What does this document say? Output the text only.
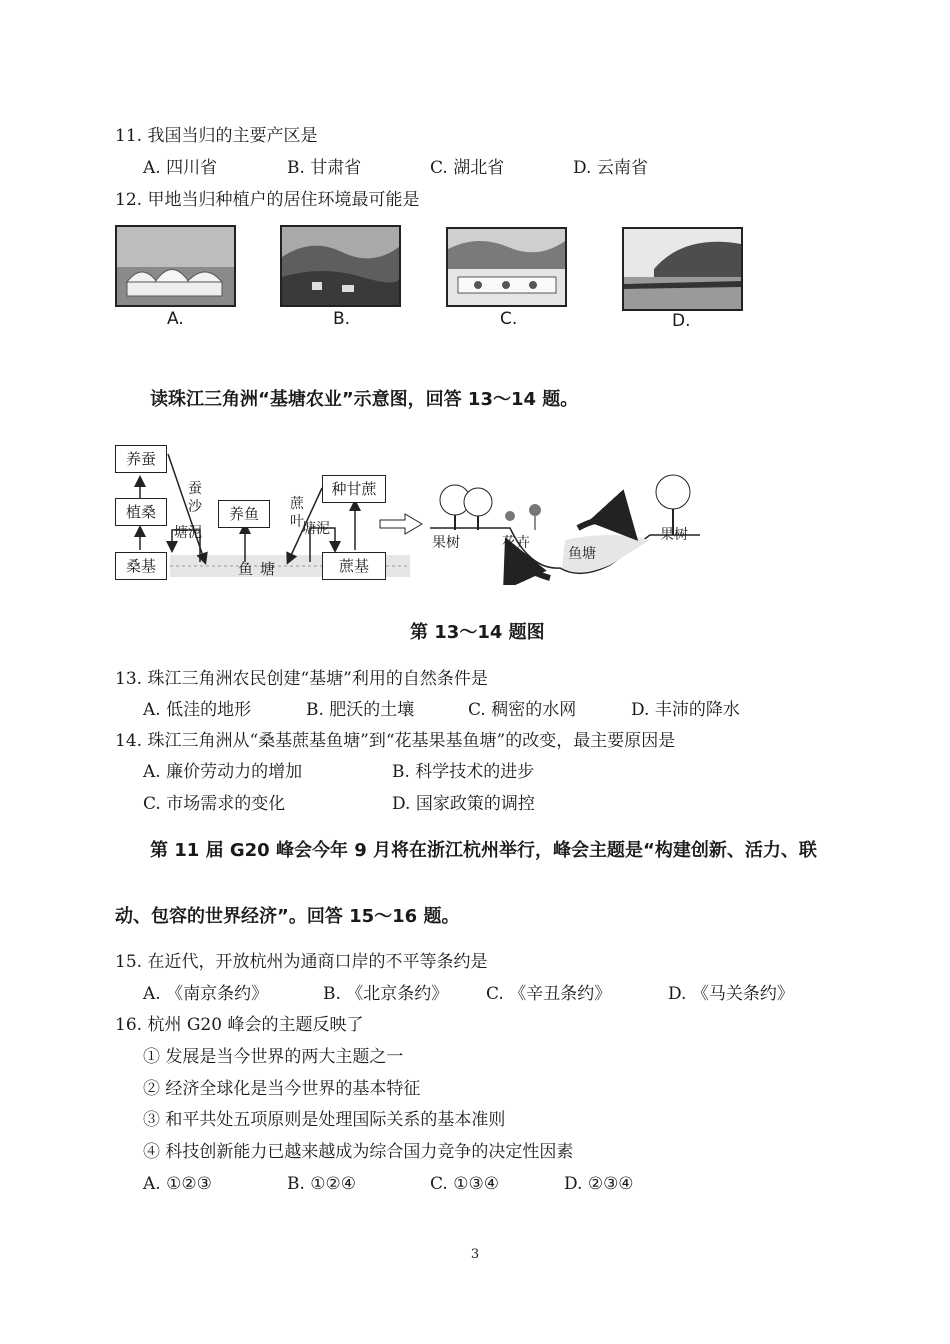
11. 我国当归的主要产区是
A. 四川省	B. 甘肃省	C. 湖北省	D. 云南省
12. 甲地当归种植户的居住环境最可能是
A.	B.	C.	D.
读珠江三角洲“基塘农业”示意图，回答 13～14 题。
养蚕
植桑
桑基
养鱼
种甘蔗
蔗基
蚕沙
塘泥
鱼 塘
蔗叶
塘泥
果树	花卉
鱼塘
果树
第 13～14 题图
13. 珠江三角洲农民创建“基塘”利用的自然条件是
A. 低洼的地形	B. 肥沃的土壤	C. 稠密的水网	D. 丰沛的降水
14. 珠江三角洲从“桑基蔗基鱼塘”到“花基果基鱼塘”的改变，最主要原因是
A. 廉价劳动力的增加	B. 科学技术的进步
C. 市场需求的变化	D. 国家政策的调控
第 11 届 G20 峰会今年 9 月将在浙江杭州举行，峰会主题是“构建创新、活力、联
动、包容的世界经济”。回答 15～16 题。
15. 在近代，开放杭州为通商口岸的不平等条约是
A. 《南京条约》	B. 《北京条约》 C. 《辛丑条约》	D. 《马关条约》
16. 杭州 G20 峰会的主题反映了
① 发展是当今世界的两大主题之一
② 经济全球化是当今世界的基本特征
③ 和平共处五项原则是处理国际关系的基本准则
④ 科技创新能力已越来越成为综合国力竞争的决定性因素
A. ①②③	B. ①②④	C. ①③④	D. ②③④
3
